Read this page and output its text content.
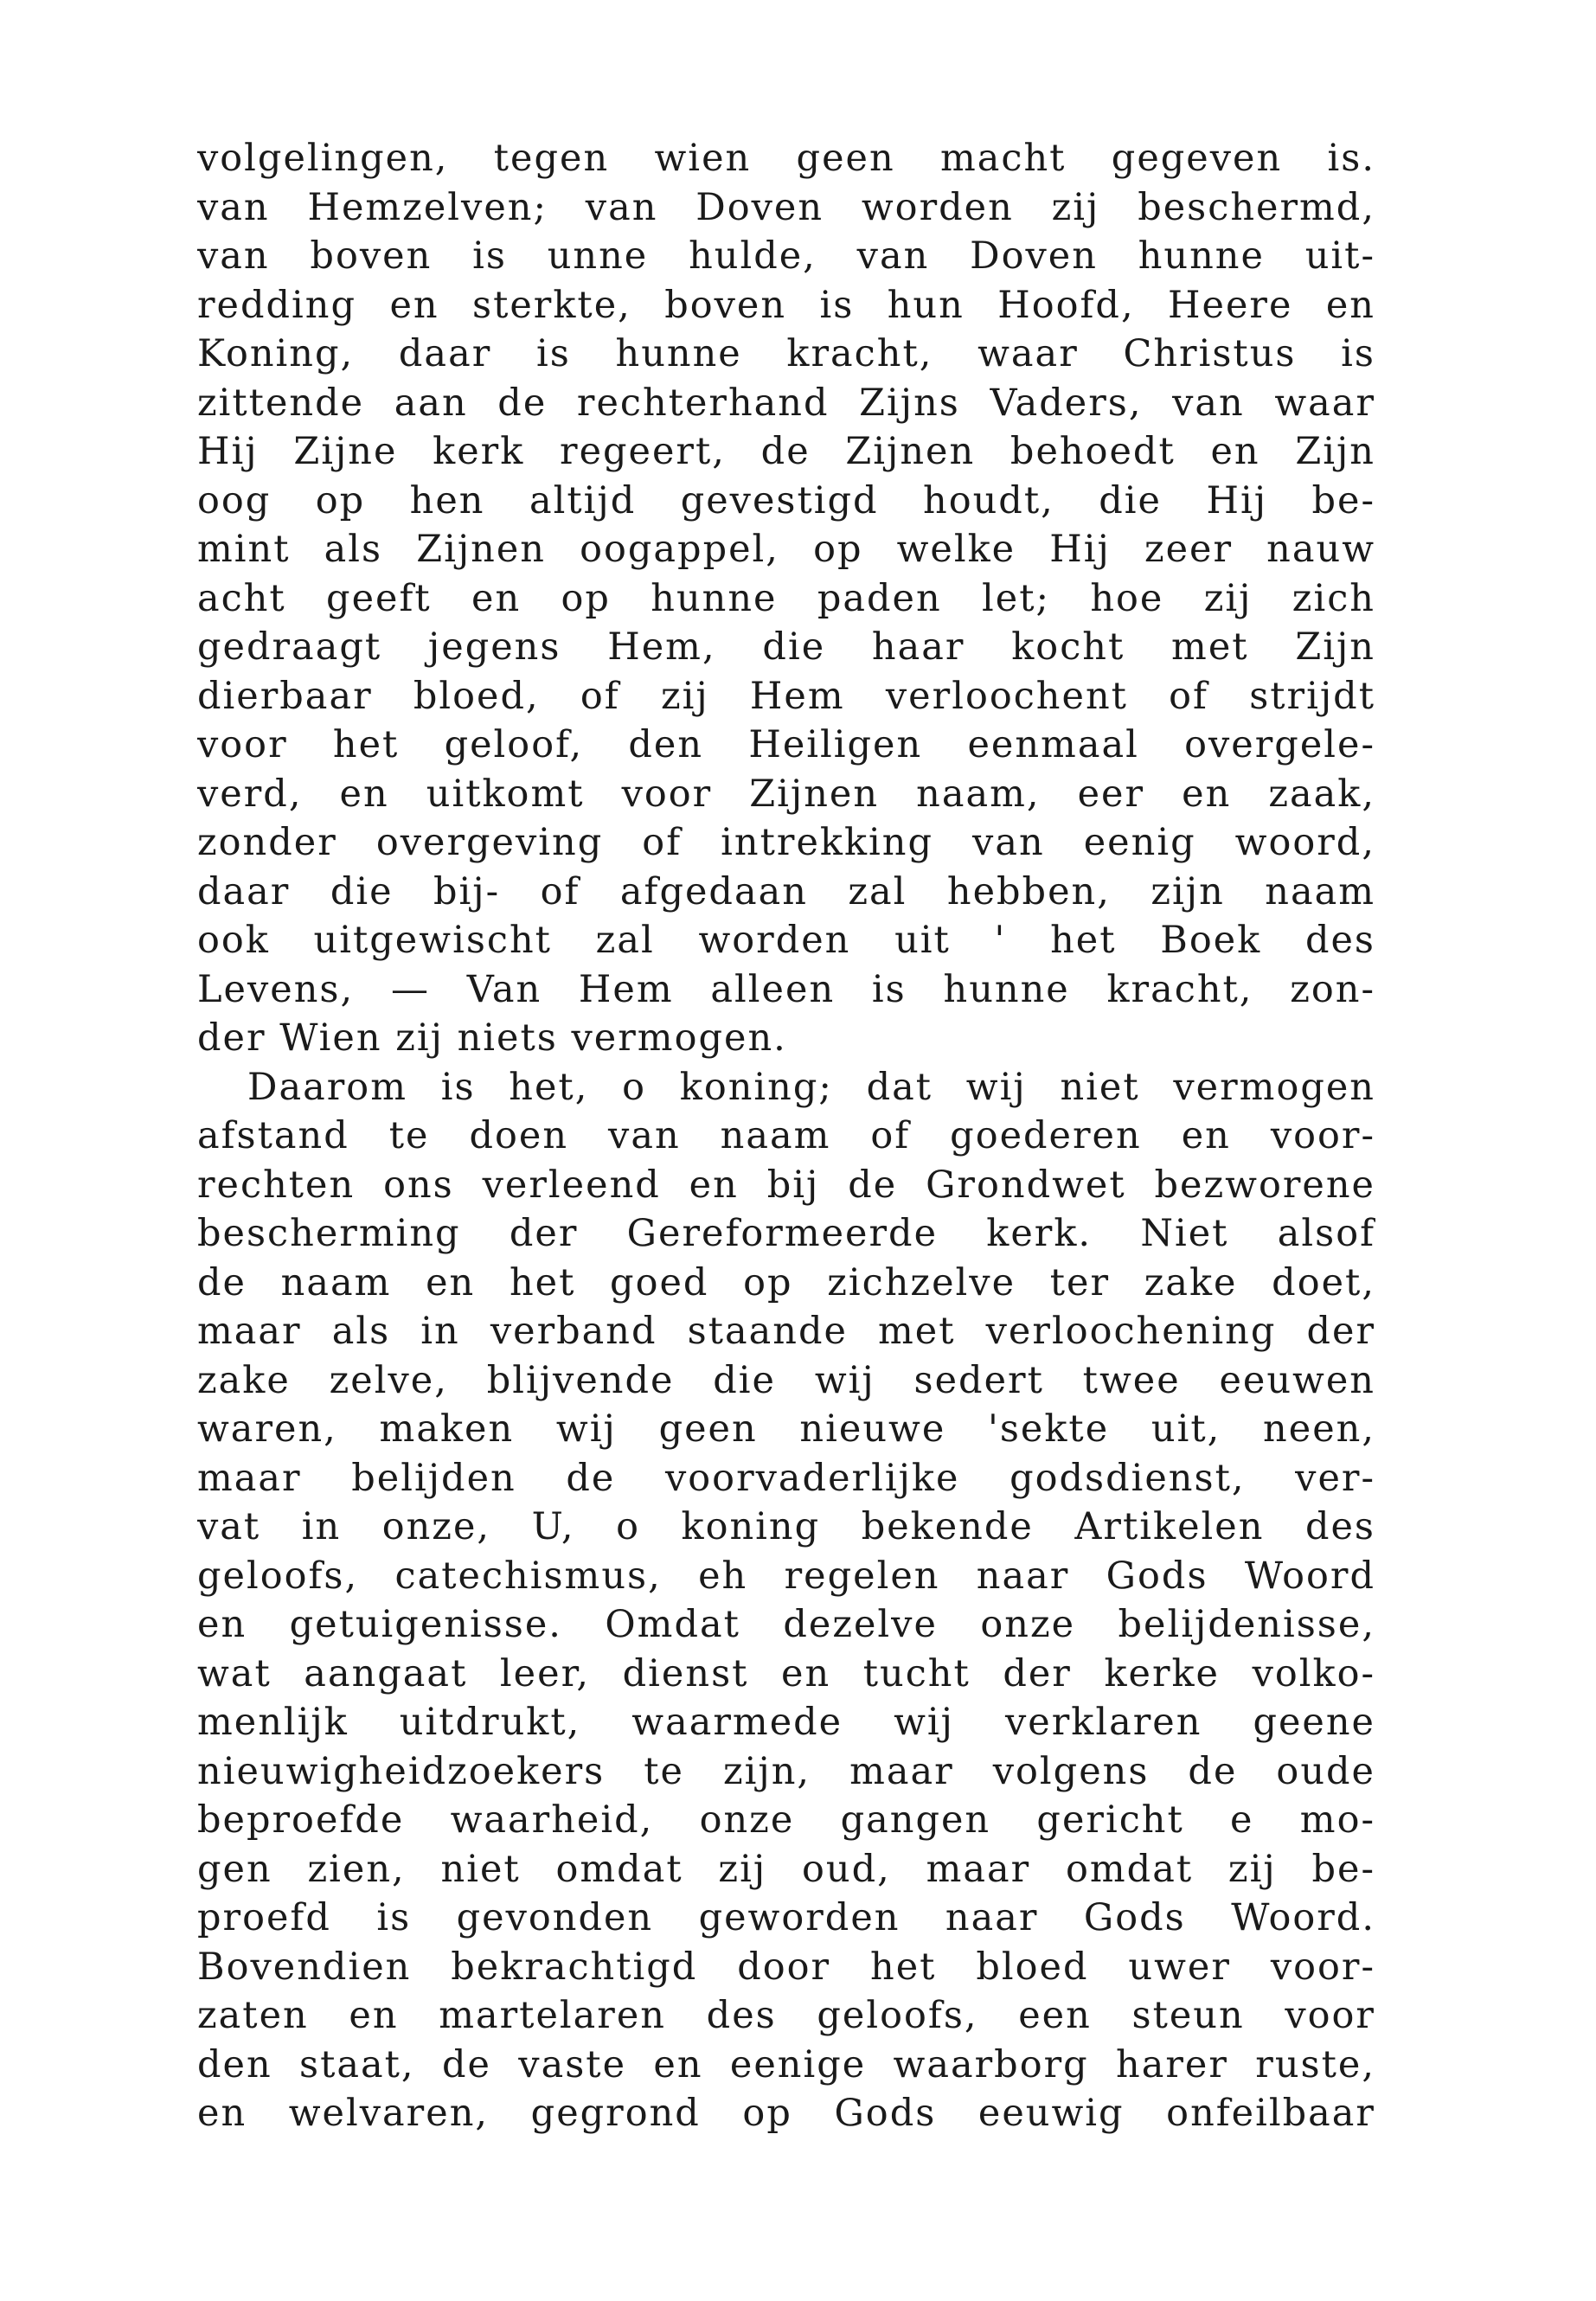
volgelingen, tegen wien geen macht gegeven is.
van Hemzelven; van Doven worden zij beschermd,
van boven is unne hulde, van Doven hunne uit-
redding en sterkte, boven is hun Hoofd, Heere en
Koning, daar is hunne kracht, waar Christus is
zittende aan de rechterhand Zijns Vaders, van waar
Hij Zijne kerk regeert, de Zijnen behoedt en Zijn
oog op hen altijd gevestigd houdt, die Hij be-
mint als Zijnen oogappel, op welke Hij zeer nauw
acht geeft en op hunne paden let; hoe zij zich
gedraagt jegens Hem, die haar kocht met Zijn
dierbaar bloed, of zij Hem verloochent of strijdt
voor het geloof, den Heiligen eenmaal overgele-
verd, en uitkomt voor Zijnen naam, eer en zaak,
zonder overgeving of intrekking van eenig woord,
daar die bij- of afgedaan zal hebben, zijn naam
ook uitgewischt zal worden uit ' het Boek des
Levens, — Van Hem alleen is hunne kracht, zon-
der Wien zij niets vermogen.
Daarom is het, o koning; dat wij niet vermogen
afstand te doen van naam of goederen en voor-
rechten ons verleend en bij de Grondwet bezworene
bescherming der Gereformeerde kerk. Niet alsof
de naam en het goed op zichzelve ter zake doet,
maar als in verband staande met verloochening der
zake zelve, blijvende die wij sedert twee eeuwen
waren, maken wij geen nieuwe 'sekte uit, neen,
maar belijden de voorvaderlijke godsdienst, ver-
vat in onze, U, o koning bekende Artikelen des
geloofs, catechismus, eh regelen naar Gods Woord
en getuigenisse. Omdat dezelve onze belijdenisse,
wat aangaat leer, dienst en tucht der kerke volko-
menlijk uitdrukt, waarmede wij verklaren geene
nieuwigheidzoekers te zijn, maar volgens de oude
beproefde waarheid, onze gangen gericht e mo-
gen zien, niet omdat zij oud, maar omdat zij be-
proefd is gevonden geworden naar Gods Woord.
Bovendien bekrachtigd door het bloed uwer voor-
zaten en martelaren des geloofs, een steun voor
den staat, de vaste en eenige waarborg harer ruste,
en welvaren, gegrond op Gods eeuwig onfeilbaar
